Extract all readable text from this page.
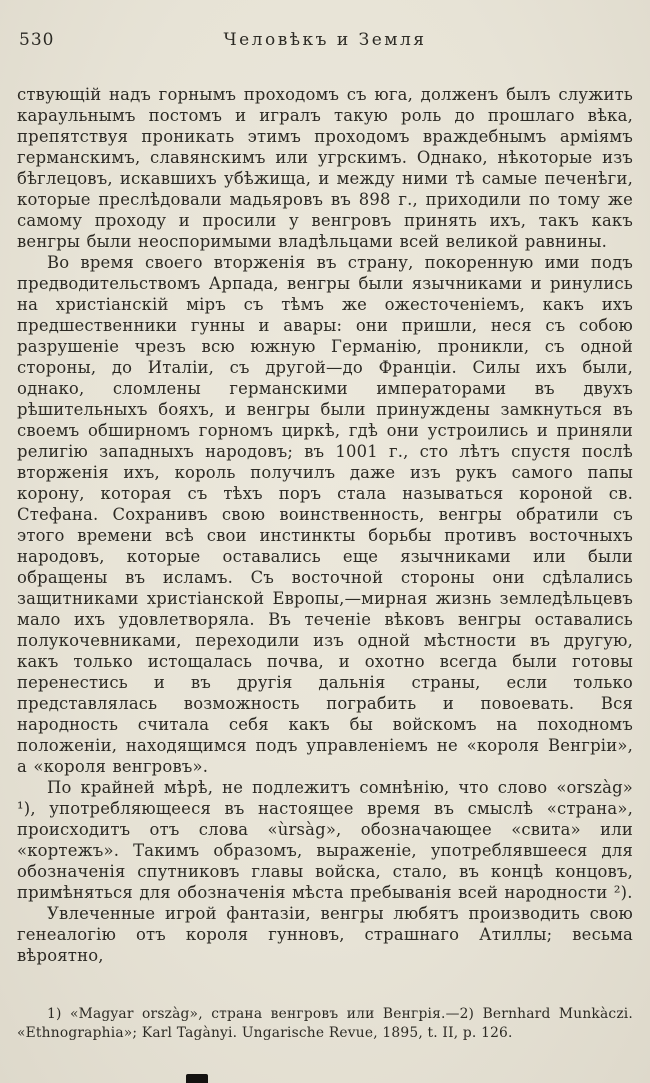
530	Человѣкъ и Земля

ствующій надъ горнымъ проходомъ съ юга, долженъ былъ служить караульнымъ постомъ и игралъ такую роль до прошлаго вѣка, препятствуя проникать этимъ проходомъ враждебнымъ арміямъ германскимъ, славянскимъ или угрскимъ. Однако, нѣкоторые изъ бѣглецовъ, искавшихъ убѣжища, и между ними тѣ самые печенѣги, которые преслѣдовали мадьяровъ въ 898 г., приходили по тому же самому проходу и просили у венгровъ принять ихъ, такъ какъ венгры были неоспоримыми владѣльцами всей великой равнины.

Во время своего вторженія въ страну, покоренную ими подъ предводительствомъ Арпада, венгры были язычниками и ринулись на христіанскій міръ съ тѣмъ же ожесточеніемъ, какъ ихъ предшественники гунны и авары: они пришли, неся съ собою разрушеніе чрезъ всю южную Германію, проникли, съ одной стороны, до Италіи, съ другой—до Франціи. Силы ихъ были, однако, сломлены германскими императорами въ двухъ рѣшительныхъ бояхъ, и венгры были принуждены замкнуться въ своемъ обширномъ горномъ циркѣ, гдѣ они устроились и приняли религію западныхъ народовъ; въ 1001 г., сто лѣтъ спустя послѣ вторженія ихъ, король получилъ даже изъ рукъ самого папы корону, которая съ тѣхъ поръ стала называться короной св. Стефана. Сохранивъ свою воинственность, венгры обратили съ этого времени всѣ свои инстинкты борьбы противъ восточныхъ народовъ, которые оставались еще язычниками или были обращены въ исламъ. Съ восточной стороны они сдѣлались защитниками христіанской Европы,—мирная жизнь земледѣльцевъ мало ихъ удовлетворяла. Въ теченіе вѣковъ венгры оставались полукочевниками, переходили изъ одной мѣстности въ другую, какъ только истощалась почва, и охотно всегда были готовы перенестись и въ другія дальнія страны, если только представлялась возможность пограбить и повоевать. Вся народность считала себя какъ бы войскомъ на походномъ положеніи, находящимся подъ управленіемъ не «короля Венгріи», а «короля венгровъ».

По крайней мѣрѣ, не подлежитъ сомнѣнію, что слово «orszàg» ¹), употребляющееся въ настоящее время въ смыслѣ «страна», происходитъ отъ слова «ùrsàg», обозначающее «свита» или «кортежъ». Такимъ образомъ, выраженіе, употреблявшееся для обозначенія спутниковъ главы войска, стало, въ концѣ концовъ, примѣняться для обозначенія мѣста пребыванія всей народности ²).

Увлеченные игрой фантазіи, венгры любятъ производить свою генеалогію отъ короля гунновъ, страшнаго Атиллы; весьма вѣроятно,

1) «Magyar orszàg», страна венгровъ или Венгрія.—2) Bernhard Munkàczi. «Ethnographia»; Karl Tagànyi. Ungarische Revue, 1895, t. II, p. 126.
